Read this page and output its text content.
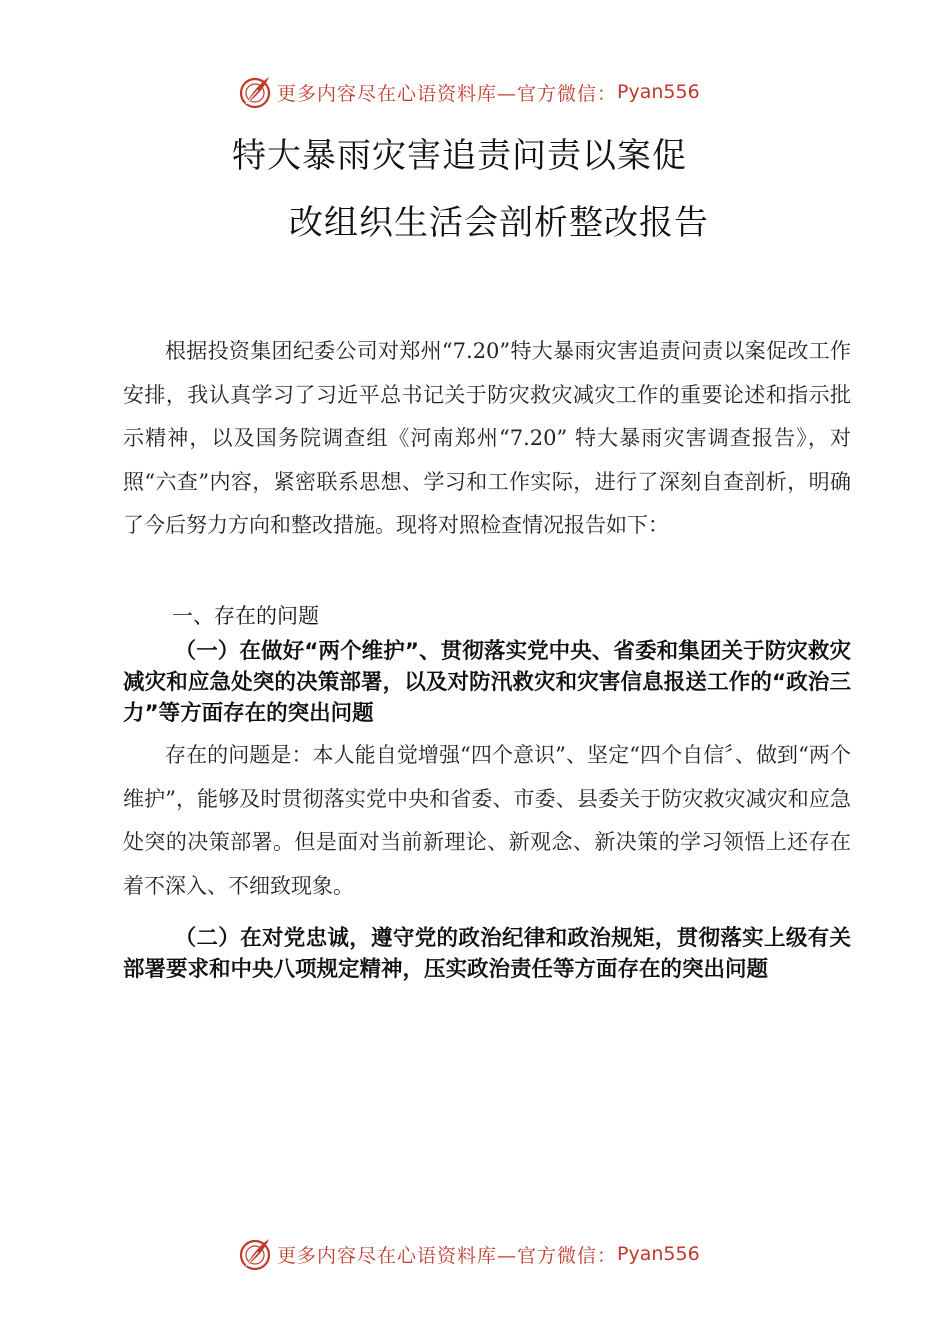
更多内容尽在心语资料库—官方微信： Pyan556
特大暴雨灾害追责问责以案促
改组织生活会剖析整改报告
根据投资集团纪委公司对郑州“7.20”特大暴雨灾害追责问责以案促改工作安排，我认真学习了习近平总书记关于防灾救灾减灾工作的重要论述和指示批示精神，以及国务院调查组《河南郑州“7.20” 特大暴雨灾害调查报告》，对照“六查”内容，紧密联系思想、学习和工作实际，进行了深刻自查剖析，明确了今后努力方向和整改措施。现将对照检查情况报告如下：
一、存在的问题
（一）在做好“两个维护”、贯彻落实党中央、省委和集团关于防灾救灾减灾和应急处突的决策部署，以及对防汛救灾和灾害信息报送工作的“政治三力”等方面存在的突出问题
存在的问题是：本人能自觉增强“四个意识”、坚定“四个自信〞、做到“两个维护”，能够及时贯彻落实党中央和省委、市委、县委关于防灾救灾减灾和应急处突的决策部署。但是面对当前新理论、新观念、新决策的学习领悟上还存在着不深入、不细致现象。
（二）在对党忠诚，遵守党的政治纪律和政治规矩，贯彻落实上级有关部署要求和中央八项规定精神，压实政治责任等方面存在的突出问题
更多内容尽在心语资料库—官方微信： Pyan556
